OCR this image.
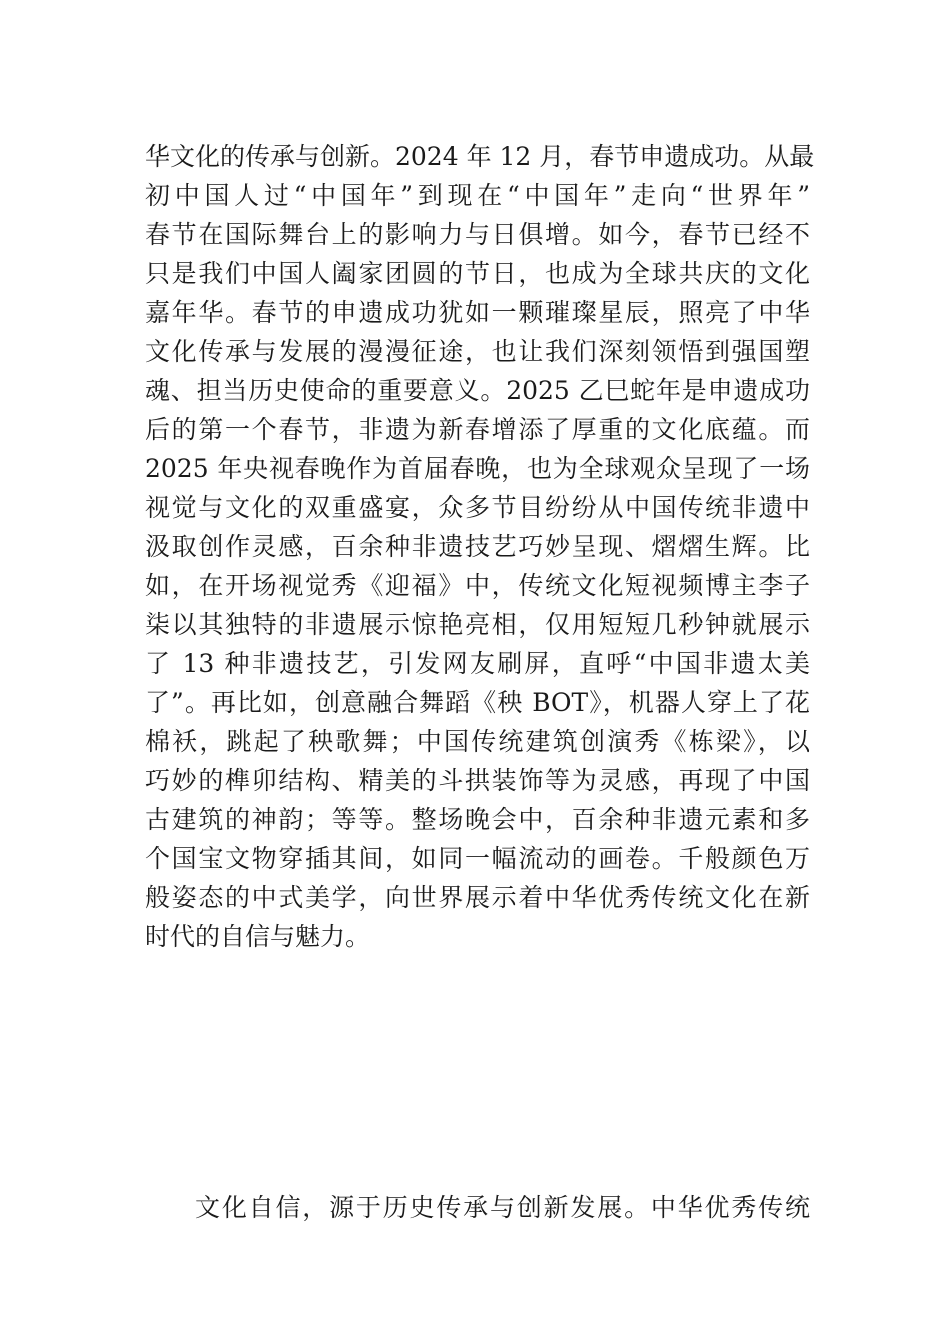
华文化的传承与创新。2024 年 12 月，春节申遗成功。从最
初中国人过“中国年”到现在“中国年”走向“世界年”
春节在国际舞台上的影响力与日俱增。如今，春节已经不
只是我们中国人阖家团圆的节日，也成为全球共庆的文化
嘉年华。春节的申遗成功犹如一颗璀璨星辰，照亮了中华
文化传承与发展的漫漫征途，也让我们深刻领悟到强国塑
魂、担当历史使命的重要意义。2025 乙巳蛇年是申遗成功
后的第一个春节，非遗为新春增添了厚重的文化底蕴。而
2025 年央视春晚作为首届春晚，也为全球观众呈现了一场
视觉与文化的双重盛宴，众多节目纷纷从中国传统非遗中
汲取创作灵感，百余种非遗技艺巧妙呈现、熠熠生辉。比
如，在开场视觉秀《迎福》中，传统文化短视频博主李子
柒以其独特的非遗展示惊艳亮相，仅用短短几秒钟就展示
了 13 种非遗技艺，引发网友刷屏，直呼“中国非遗太美
了”。再比如，创意融合舞蹈《秧 BOT》，机器人穿上了花
棉袄，跳起了秧歌舞；中国传统建筑创演秀《栋梁》，以
巧妙的榫卯结构、精美的斗拱装饰等为灵感，再现了中国
古建筑的神韵；等等。整场晚会中，百余种非遗元素和多
个国宝文物穿插其间，如同一幅流动的画卷。千般颜色万
般姿态的中式美学，向世界展示着中华优秀传统文化在新
时代的自信与魅力。
文化自信，源于历史传承与创新发展。中华优秀传统
